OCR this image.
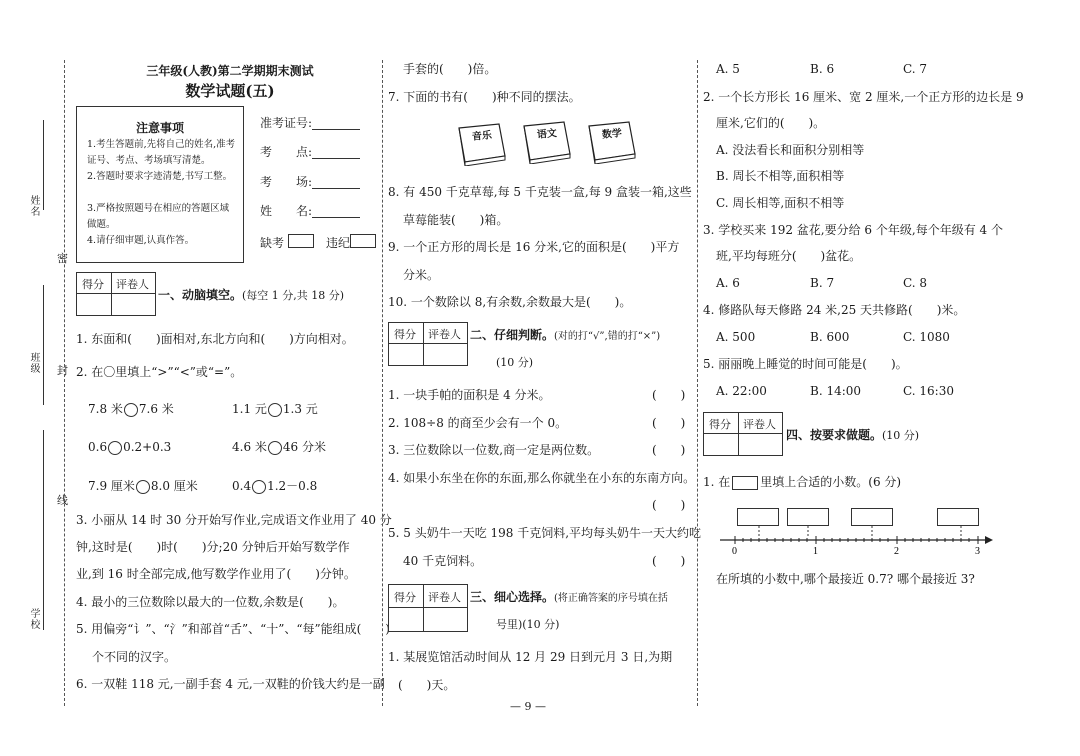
姓名
班级
学校
密
封
线
三年级(人教)第二学期期末测试
数学试题(五)
注意事项
1.考生答题前,先将自己的姓名,准考证号、考点、考场填写清楚。
2.答题时要求字迹清楚,书写工整。
3.严格按照题号在相应的答题区域做题。
4.请仔细审题,认真作答。
准考证号:
考　　点:
考　　场:
姓　　名:
缺考	违纪
得分 评卷人
一、动脑填空。(每空 1 分,共 18 分)
1. 东面和(　　)面相对,东北方向和(　　)方向相对。
2. 在〇里填上“>”“<”或“=”。
7.8 米 7.6 米	1.1 元 1.3 元
0.6 0.2+0.3	4.6 米 46 分米
7.9 厘米 8.0 厘米	0.4 1.2－0.8
3. 小丽从 14 时 30 分开始写作业,完成语文作业用了 40 分
钟,这时是(　　)时(　　)分;20 分钟后开始写数学作
业,到 16 时全部完成,他写数学作业用了(　　)分钟。
4. 最小的三位数除以最大的一位数,余数是(　　)。
5. 用偏旁“讠”、“氵”和部首“舌”、“十”、“每”能组成(　　)
个不同的汉字。
6. 一双鞋 118 元,一副手套 4 元,一双鞋的价钱大约是一副
手套的(　　)倍。
7. 下面的书有(　　)种不同的摆法。
音乐	语文	数学
8. 有 450 千克草莓,每 5 千克装一盒,每 9 盒装一箱,这些
草莓能装(　　)箱。
9. 一个正方形的周长是 16 分米,它的面积是(　　)平方
分米。
10. 一个数除以 8,有余数,余数最大是(　　)。
得分 评卷人 二、仔细判断。(对的打“√”,错的打“×”)
(10 分)
1. 一块手帕的面积是 4 分米。	(　　)
2. 108÷8 的商至少会有一个 0。	(　　)
3. 三位数除以一位数,商一定是两位数。	(　　)
4. 如果小东坐在你的东面,那么你就坐在小东的东南方向。
(　　)
5. 5 头奶牛一天吃 198 千克饲料,平均每头奶牛一天大约吃
40 千克饲料。	(　　)
得分 评卷人 三、细心选择。(将正确答案的序号填在括
号里)(10 分)
1. 某展览馆活动时间从 12 月 29 日到元月 3 日,为期
(　　)天。
A. 5	B. 6	C. 7
2. 一个长方形长 16 厘米、宽 2 厘米,一个正方形的边长是 9
厘米,它们的(　　)。
A. 没法看长和面积分别相等
B. 周长不相等,面积相等
C. 周长相等,面积不相等
3. 学校买来 192 盆花,要分给 6 个年级,每个年级有 4 个
班,平均每班分(　　)盆花。
A. 6	B. 7	C. 8
4. 修路队每天修路 24 米,25 天共修路(　　)米。
A. 500	B. 600	C. 1080
5. 丽丽晚上睡觉的时间可能是(　　)。
A. 22:00	B. 14:00	C. 16:30
得分 评卷人
四、按要求做题。(10 分)
1. 在	里填上合适的小数。(6 分)
0	1	2	3
在所填的小数中,哪个最接近 0.7? 哪个最接近 3?
— 9 —
